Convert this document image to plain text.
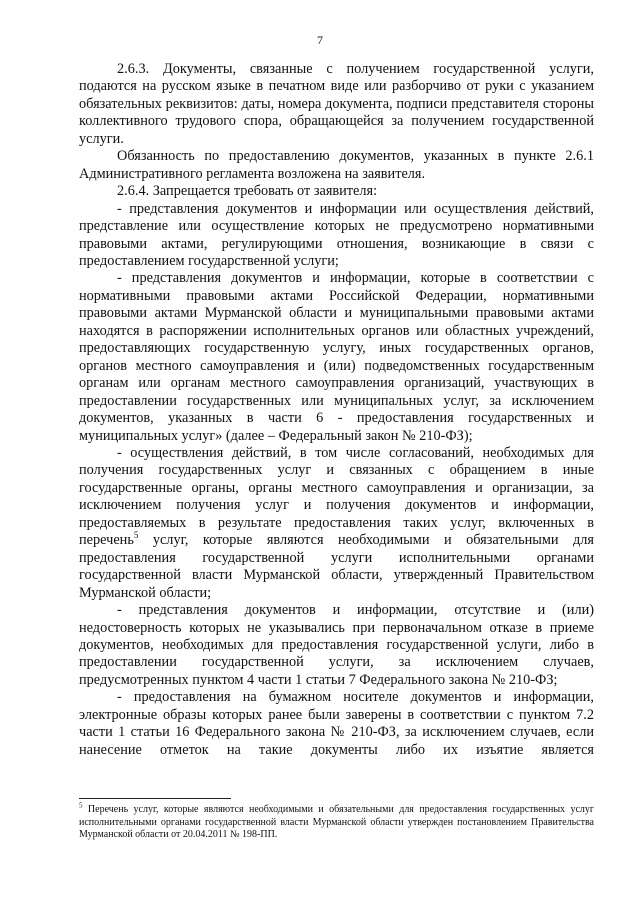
7

2.6.3. Документы, связанные с получением государственной услуги, подаются на русском языке в печатном виде или разборчиво от руки с указанием обязательных реквизитов: даты, номера документа, подписи представителя стороны коллективного трудового спора, обращающейся за получением государственной услуги.

Обязанность по предоставлению документов, указанных в пункте 2.6.1 Административного регламента возложена на заявителя.

2.6.4. Запрещается требовать от заявителя:

- представления документов и информации или осуществления действий, представление или осуществление которых не предусмотрено нормативными правовыми актами, регулирующими отношения, возникающие в связи с предоставлением государственной услуги;

- представления документов и информации, которые в соответствии с нормативными правовыми актами Российской Федерации, нормативными правовыми актами Мурманской области и муниципальными правовыми актами находятся в распоряжении исполнительных органов или областных учреждений, предоставляющих государственную услугу, иных государственных органов, органов местного самоуправления и (или) подведомственных государственным органам или органам местного самоуправления организаций, участвующих в предоставлении государственных или муниципальных услуг, за исключением документов, указанных в части 6 - предоставления государственных и муниципальных услуг» (далее – Федеральный закон № 210-ФЗ);

- осуществления действий, в том числе согласований, необходимых для получения государственных услуг и связанных с обращением в иные государственные органы, органы местного самоуправления и организации, за исключением получения услуг и получения документов и информации, предоставляемых в результате предоставления таких услуг, включенных в перечень$^5$ услуг, которые являются необходимыми и обязательными для предоставления государственной услуги исполнительными органами государственной власти Мурманской области, утвержденный Правительством Мурманской области;

- представления документов и информации, отсутствие и (или) недостоверность которых не указывались при первоначальном отказе в приеме документов, необходимых для предоставления государственной услуги, либо в предоставлении государственной услуги, за исключением случаев, предусмотренных пунктом 4 части 1 статьи 7 Федерального закона № 210-ФЗ;

- предоставления на бумажном носителе документов и информации, электронные образы которых ранее были заверены в соответствии с пунктом 7.2 части 1 статьи 16 Федерального закона № 210-ФЗ, за исключением случаев, если нанесение отметок на такие документы либо их изъятие является

$^5$ Перечень услуг, которые являются необходимыми и обязательными для предоставления государственных услуг исполнительными органами государственной власти Мурманской области утвержден постановлением Правительства Мурманской области от 20.04.2011 № 198-ПП.
